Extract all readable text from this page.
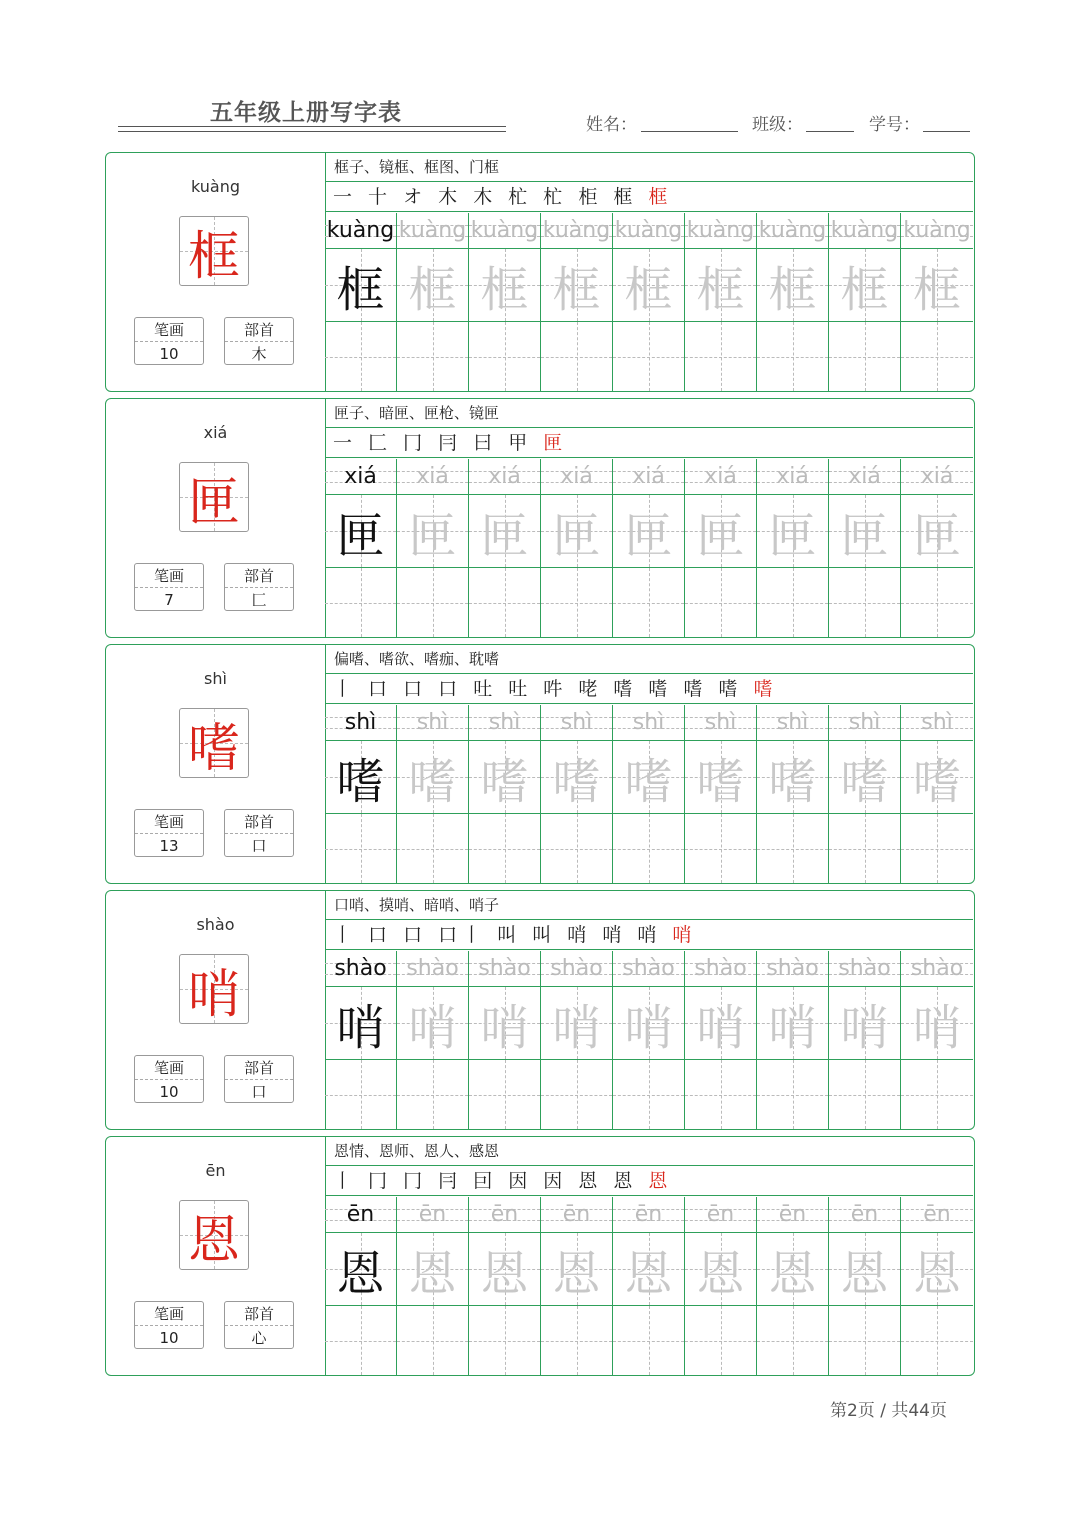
五年级上册写字表	姓名：	班级：	学号：
kuàng
框
笔画
10
部首
木
框子、镜框、框图、门框
一 十 オ 木 木 杧 杧 柜 框 框
kuàng kuàng kuàng kuàng kuàng kuàng kuàng kuàng kuàng
框 框 框 框 框 框 框 框 框
xiá
匣
笔画
7
部首
匚
匣子、暗匣、匣枪、镜匣
一 匚 冂 冃 曰 甲 匣
xiá	xiá	xiá	xiá	xiá	xiá	xiá	xiá	xiá
匣 匣 匣 匣 匣 匣 匣 匣 匣
shì
嗜
笔画
13
部首
口
偏嗜、嗜欲、嗜痂、耽嗜
丨 口 口 口 吐 吐 吽 咾 嗜 嗜 嗜 嗜 嗜
shì	shì	shì	shì	shì	shì	shì	shì	shì
嗜 嗜 嗜 嗜 嗜 嗜 嗜 嗜 嗜
shào
哨
笔画
10
部首
口
口哨、摸哨、暗哨、哨子
丨 口 口 口丨 叫 叫 哨 哨 哨 哨
shào shào shào shào shào shào shào shào shào
哨 哨 哨 哨 哨 哨 哨 哨 哨
ēn
恩
笔画
10
部首
心
恩情、恩师、恩人、感恩
丨 冂 冂 冃 囙 因 因 恩 恩 恩
ēn	ēn	ēn	ēn	ēn	ēn	ēn	ēn	ēn
恩 恩 恩 恩 恩 恩 恩 恩 恩
第2页 / 共44页
